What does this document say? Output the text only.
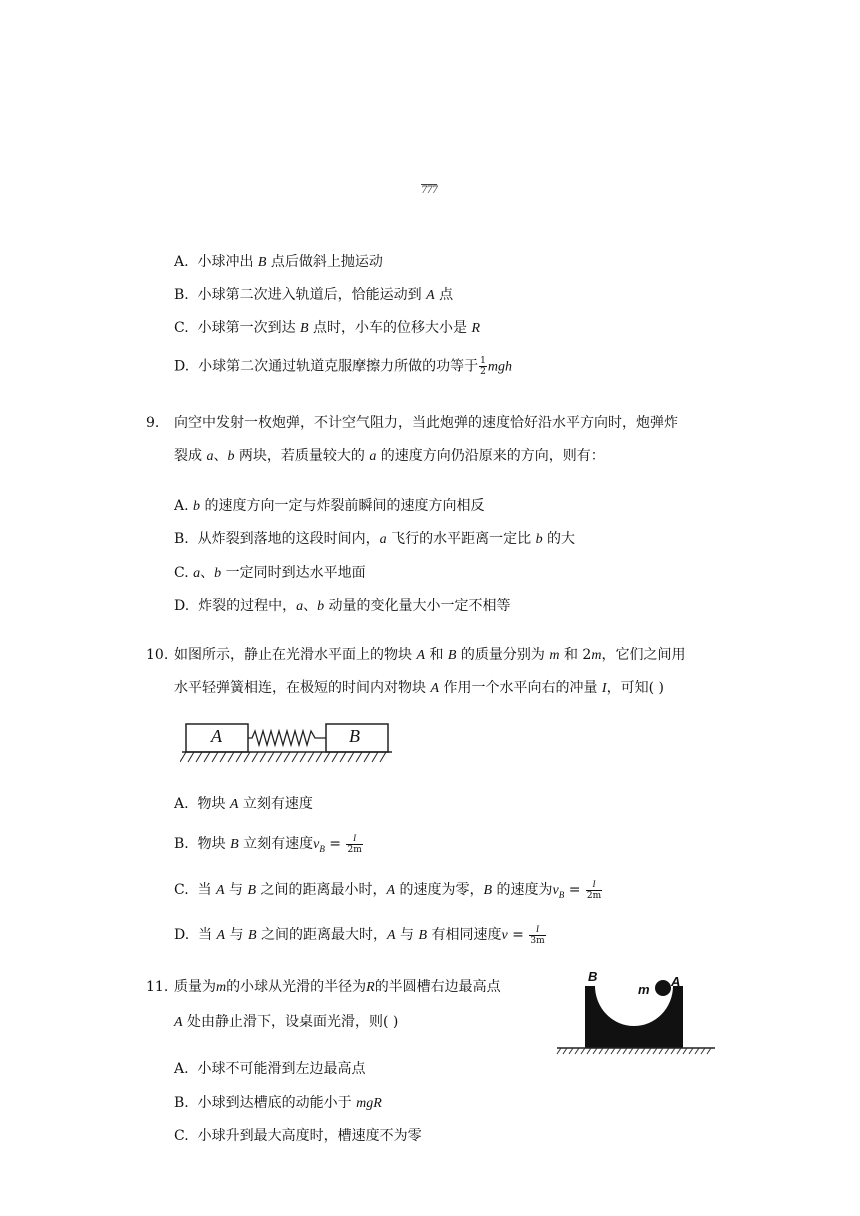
777
A. 小球冲出 B 点后做斜上抛运动
B. 小球第二次进入轨道后，恰能运动到 A 点
C. 小球第一次到达 B 点时，小车的位移大小是 R
D. 小球第二次通过轨道克服摩擦力所做的功等于 $\frac{1}{2}$ mgh
9. 向空中发射一枚炮弹，不计空气阻力，当此炮弹的速度恰好沿水平方向时，炮弹炸
裂成 a、b 两块，若质量较大的 a 的速度方向仍沿原来的方向，则有：
A. b 的速度方向一定与炸裂前瞬间的速度方向相反
B. 从炸裂到落地的这段时间内，a 飞行的水平距离一定比 b 的大
C. a、b 一定同时到达水平地面
D. 炸裂的过程中，a、b 动量的变化量大小一定不相等
10. 如图所示，静止在光滑水平面上的物块 A 和 B 的质量分别为 m 和 2m，它们之间用
水平轻弹簧相连，在极短的时间内对物块 A 作用一个水平向右的冲量 I，可知( )
A	B
A. 物块 A 立刻有速度
B. 物块 B 立刻有速度$v_B = \frac{I}{2m}$
C. 当 A 与 B 之间的距离最小时，A 的速度为零，B 的速度为$v_B = \frac{I}{2m}$
D. 当 A 与 B 之间的距离最大时，A 与 B 有相同速度$v = \frac{I}{3m}$
11. 质量为m的小球从光滑的半径为R的半圆槽右边最高点
A 处由静止滑下，设桌面光滑，则( )
B
m
A
A. 小球不可能滑到左边最高点
B. 小球到达槽底的动能小于 mgR
C. 小球升到最大高度时，槽速度不为零
